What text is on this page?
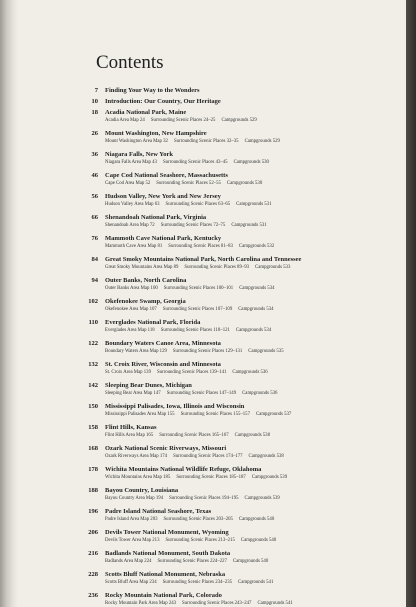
Contents
7	Finding Your Way to the Wonders
10	Introduction: Our Country, Our Heritage
18	Acadia National Park, Maine
Acadia Area Map 24 Surrounding Scenic Places 24–25 Campgrounds 529
26	Mount Washington, New Hampshire
Mount Washington Area Map 32 Surrounding Scenic Places 32–35 Campgrounds 529
36	Niagara Falls, New York
Niagara Falls Area Map 43 Surrounding Scenic Places 43–45 Campgrounds 530
46	Cape Cod National Seashore, Massachusetts
Cape Cod Area Map 52 Surrounding Scenic Places 52–55 Campgrounds 530
56	Hudson Valley, New York and New Jersey
Hudson Valley Area Map 63 Surrounding Scenic Places 63–65 Campgrounds 531
66	Shenandoah National Park, Virginia
Shenandoah Area Map 72 Surrounding Scenic Places 72–75 Campgrounds 531
76	Mammoth Cave National Park, Kentucky
Mammoth Cave Area Map 81 Surrounding Scenic Places 81–83 Campgrounds 532
84	Great Smoky Mountains National Park, North Carolina and Tennessee
Great Smoky Mountains Area Map 89 Surrounding Scenic Places 89–93 Campgrounds 533
94	Outer Banks, North Carolina
Outer Banks Area Map 100 Surrounding Scenic Places 100–101 Campgrounds 534
102	Okefenokee Swamp, Georgia
Okefenokee Area Map 107 Surrounding Scenic Places 107–109 Campgrounds 534
110	Everglades National Park, Florida
Everglades Area Map 118 Surrounding Scenic Places 118–121 Campgrounds 534
122	Boundary Waters Canoe Area, Minnesota
Boundary Waters Area Map 129 Surrounding Scenic Places 129–131 Campgrounds 535
132	St. Croix River, Wisconsin and Minnesota
St. Croix Area Map 139 Surrounding Scenic Places 139–141 Campgrounds 536
142	Sleeping Bear Dunes, Michigan
Sleeping Bear Area Map 147 Surrounding Scenic Places 147–149 Campgrounds 536
150	Mississippi Palisades, Iowa, Illinois and Wisconsin
Mississippi Palisades Area Map 155 Surrounding Scenic Places 155–157 Campgrounds 537
158	Flint Hills, Kansas
Flint Hills Area Map 165 Surrounding Scenic Places 165–167 Campgrounds 538
168	Ozark National Scenic Riverways, Missouri
Ozark Riverways Area Map 174 Surrounding Scenic Places 174–177 Campgrounds 538
178	Wichita Mountains National Wildlife Refuge, Oklahoma
Wichita Mountains Area Map 185 Surrounding Scenic Places 185–187 Campgrounds 539
188	Bayou Country, Louisiana
Bayou Country Area Map 194 Surrounding Scenic Places 194–195 Campgrounds 539
196	Padre Island National Seashore, Texas
Padre Island Area Map 203 Surrounding Scenic Places 203–205 Campgrounds 540
206	Devils Tower National Monument, Wyoming
Devils Tower Area Map 213 Surrounding Scenic Places 213–215 Campgrounds 540
216	Badlands National Monument, South Dakota
Badlands Area Map 224 Surrounding Scenic Places 224–227 Campgrounds 540
228	Scotts Bluff National Monument, Nebraska
Scotts Bluff Area Map 234 Surrounding Scenic Places 234–235 Campgrounds 541
236	Rocky Mountain National Park, Colorado
Rocky Mountain Park Area Map 243 Surrounding Scenic Places 243–247 Campgrounds 541
